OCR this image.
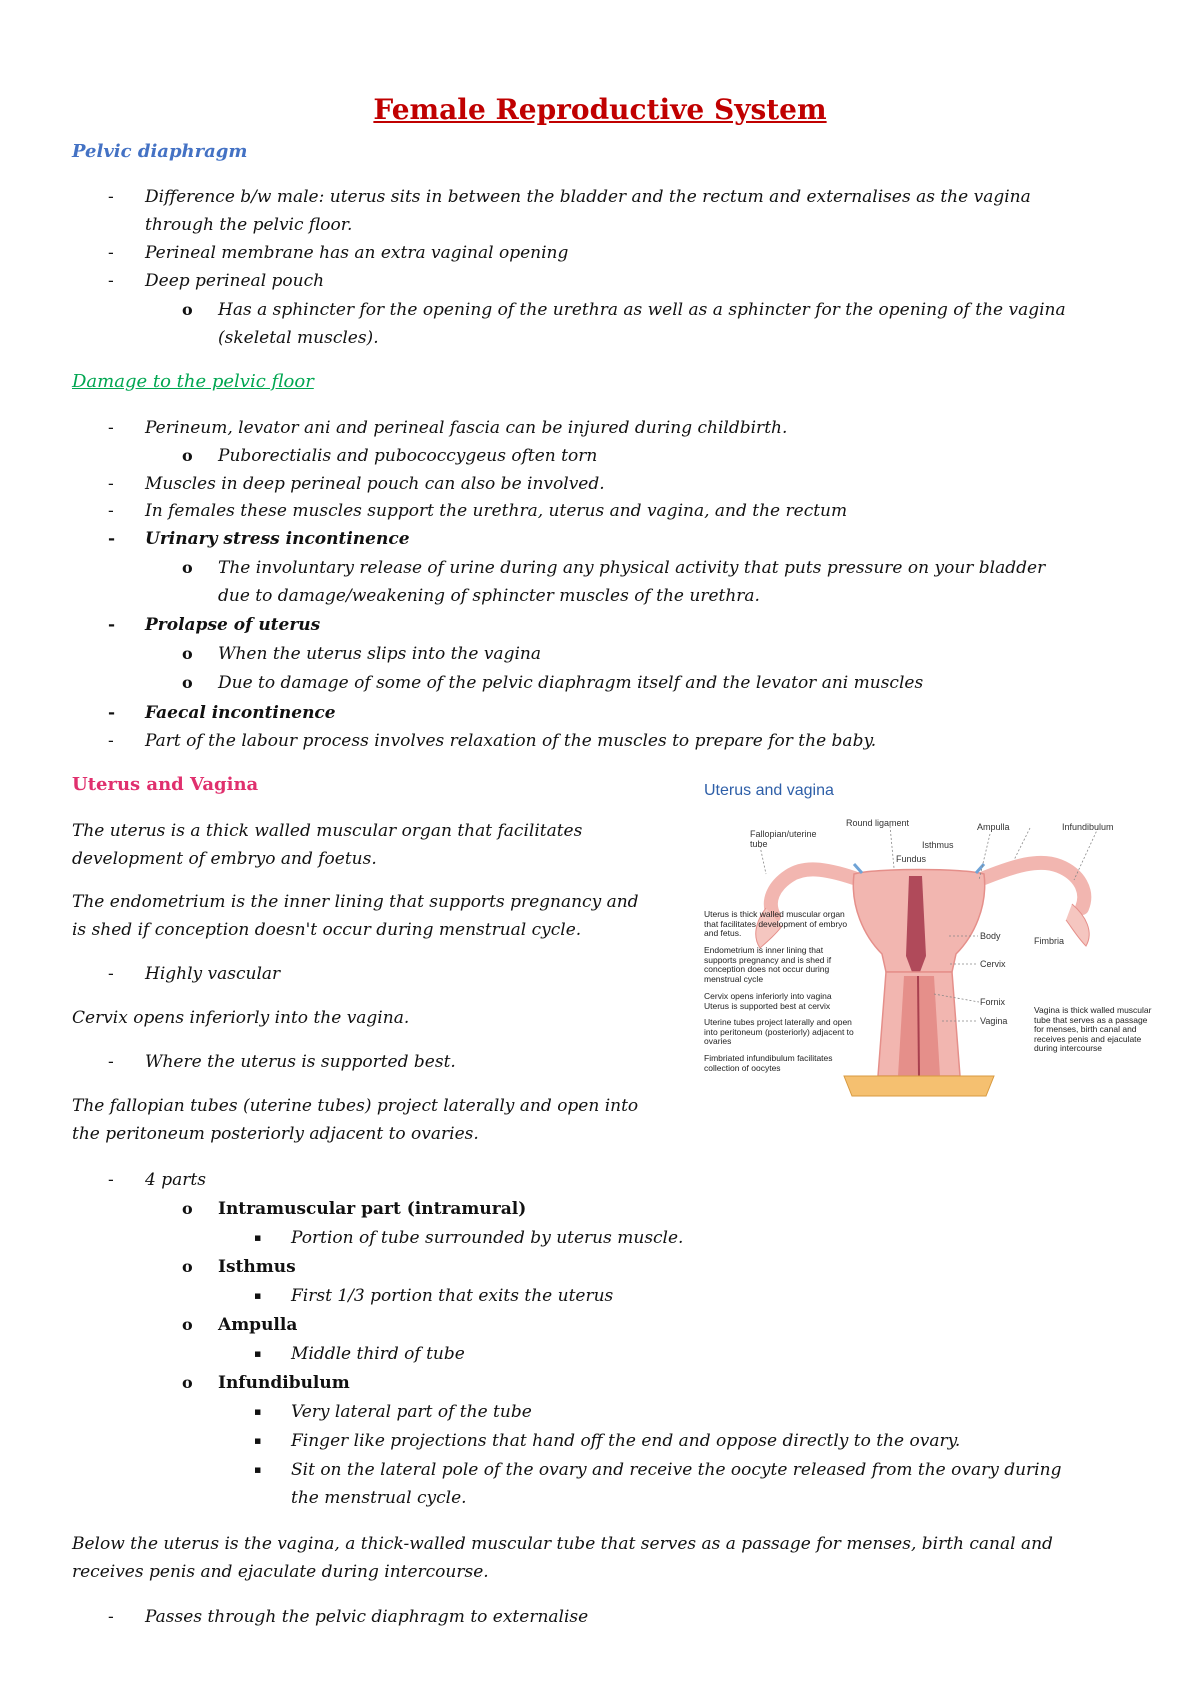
Female Reproductive System
Pelvic diaphragm
- Difference b/w male: uterus sits in between the bladder and the rectum and externalises as the vagina
through the pelvic floor.
- Perineal membrane has an extra vaginal opening
- Deep perineal pouch
o Has a sphincter for the opening of the urethra as well as a sphincter for the opening of the vagina
(skeletal muscles).
Damage to the pelvic floor
- Perineum, levator ani and perineal fascia can be injured during childbirth.
o Puborectialis and pubococcygeus often torn
- Muscles in deep perineal pouch can also be involved.
- In females these muscles support the urethra, uterus and vagina, and the rectum
- Urinary stress incontinence
o The involuntary release of urine during any physical activity that puts pressure on your bladder
due to damage/weakening of sphincter muscles of the urethra.
- Prolapse of uterus
o When the uterus slips into the vagina
o Due to damage of some of the pelvic diaphragm itself and the levator ani muscles
- Faecal incontinence
- Part of the labour process involves relaxation of the muscles to prepare for the baby.
Uterus and Vagina
The uterus is a thick walled muscular organ that facilitates
development of embryo and foetus.
The endometrium is the inner lining that supports pregnancy and
is shed if conception doesn't occur during menstrual cycle.
- Highly vascular
Cervix opens inferiorly into the vagina.
- Where the uterus is supported best.
The fallopian tubes (uterine tubes) project laterally and open into
the peritoneum posteriorly adjacent to ovaries.
- 4 parts
o Intramuscular part (intramural)
▪ Portion of tube surrounded by uterus muscle.
o Isthmus
▪ First 1/3 portion that exits the uterus
o Ampulla
▪ Middle third of tube
o Infundibulum
▪ Very lateral part of the tube
▪ Finger like projections that hand off the end and oppose directly to the ovary.
▪ Sit on the lateral pole of the ovary and receive the oocyte released from the ovary during
the menstrual cycle.
Below the uterus is the vagina, a thick-walled muscular tube that serves as a passage for menses, birth canal and
receives penis and ejaculate during intercourse.
- Passes through the pelvic diaphragm to externalise
Uterus and vagina
Round ligament	Ampulla	Infundibulum
Fallopian/uterine tube	Isthmus
Fundus
Body	Fimbria
Cervix
Fornix
Vagina
Uterus is thick walled muscular organ that facilitates development of embryo and fetus.
Endometrium is inner lining that supports pregnancy and is shed if conception does not occur during menstrual cycle
Cervix opens inferiorly into vagina Uterus is supported best at cervix
Uterine tubes project laterally and open into peritoneum (posteriorly) adjacent to ovaries
Fimbriated infundibulum facilitates collection of oocytes
Vagina is thick walled muscular tube that serves as a passage for menses, birth canal and receives penis and ejaculate during intercourse
